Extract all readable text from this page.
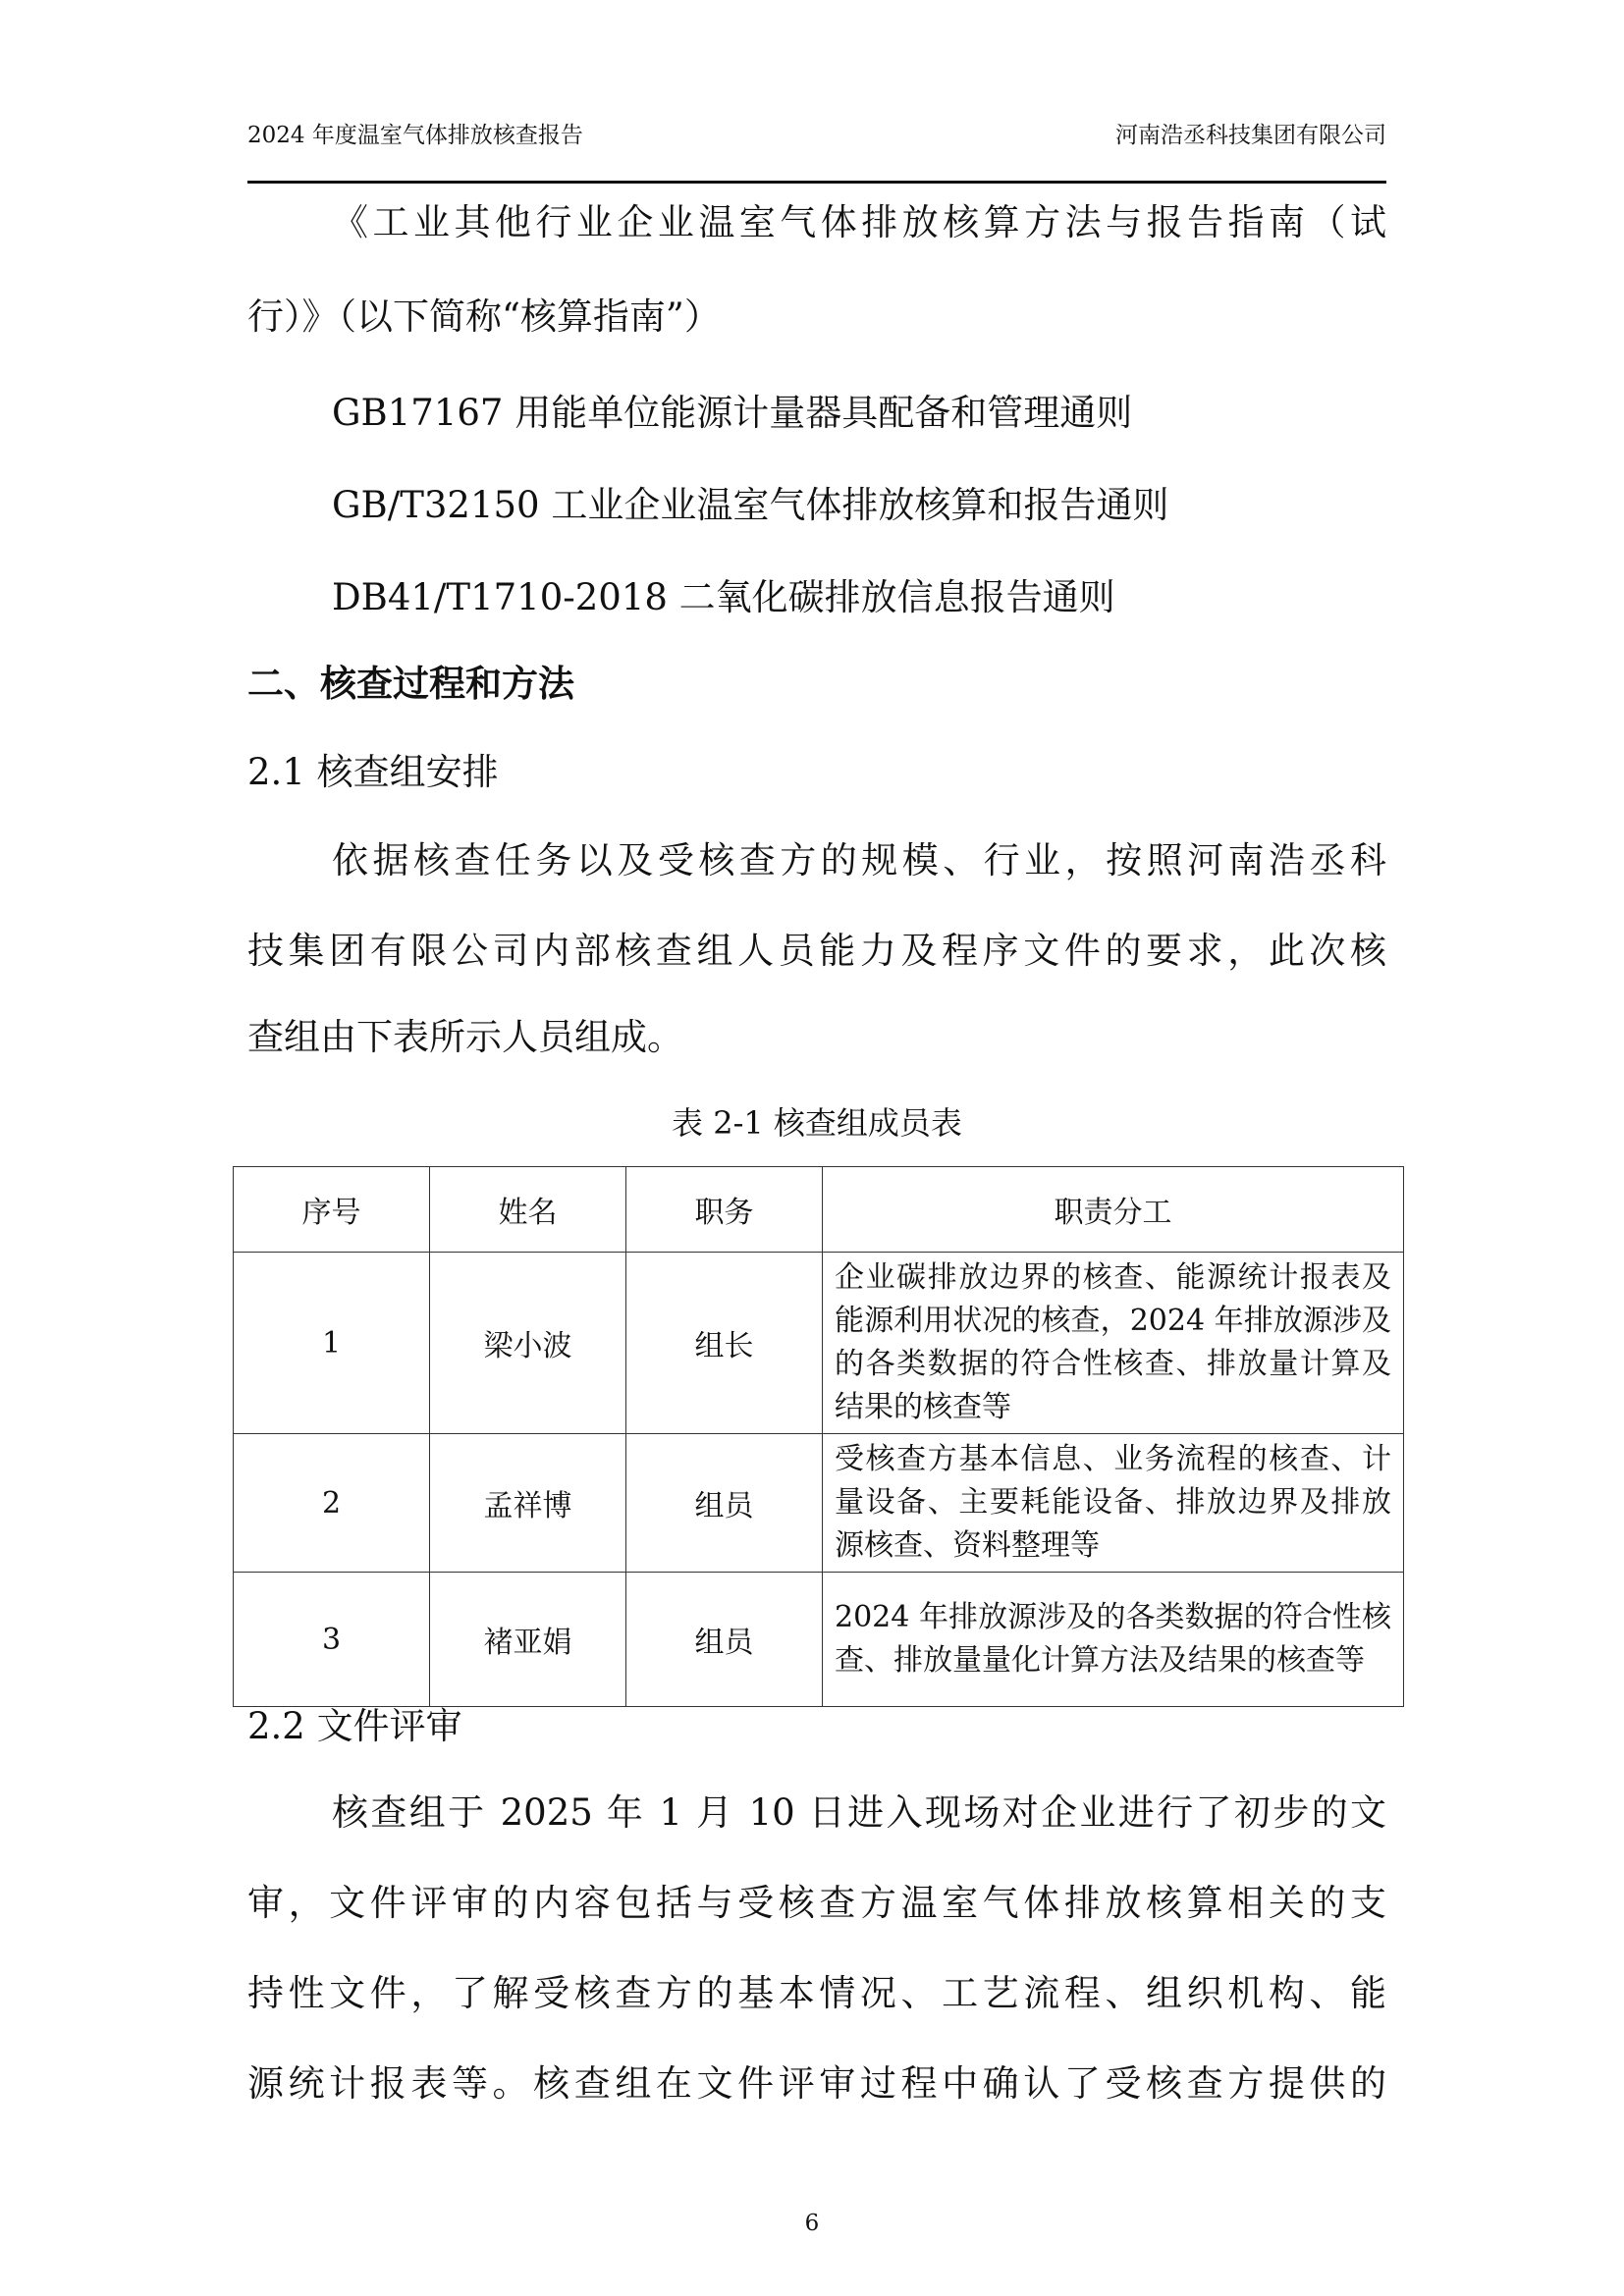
2024 年度温室气体排放核查报告	河南浩丞科技集团有限公司
《工业其他行业企业温室气体排放核算方法与报告指南（试
行）》（以下简称“核算指南”）
GB17167 用能单位能源计量器具配备和管理通则
GB/T32150 工业企业温室气体排放核算和报告通则
DB41/T1710-2018 二氧化碳排放信息报告通则
二、核查过程和方法
2.1 核查组安排
依据核查任务以及受核查方的规模、行业，按照河南浩丞科
技集团有限公司内部核查组人员能力及程序文件的要求，此次核
查组由下表所示人员组成。
表 2-1 核查组成员表
序号	姓名	职务	职责分工
1	梁小波	组长	企业碳排放边界的核查、能源统计报表及能源利用状况的核查，2024 年排放源涉及的各类数据的符合性核查、排放量计算及结果的核查等
2	孟祥博	组员	受核查方基本信息、业务流程的核查、计量设备、主要耗能设备、排放边界及排放源核查、资料整理等
3	褚亚娟	组员	2024 年排放源涉及的各类数据的符合性核查、排放量量化计算方法及结果的核查等
2.2 文件评审
核查组于 2025 年 1 月 10 日进入现场对企业进行了初步的文
审，文件评审的内容包括与受核查方温室气体排放核算相关的支
持性文件，了解受核查方的基本情况、工艺流程、组织机构、能
源统计报表等。核查组在文件评审过程中确认了受核查方提供的
6
